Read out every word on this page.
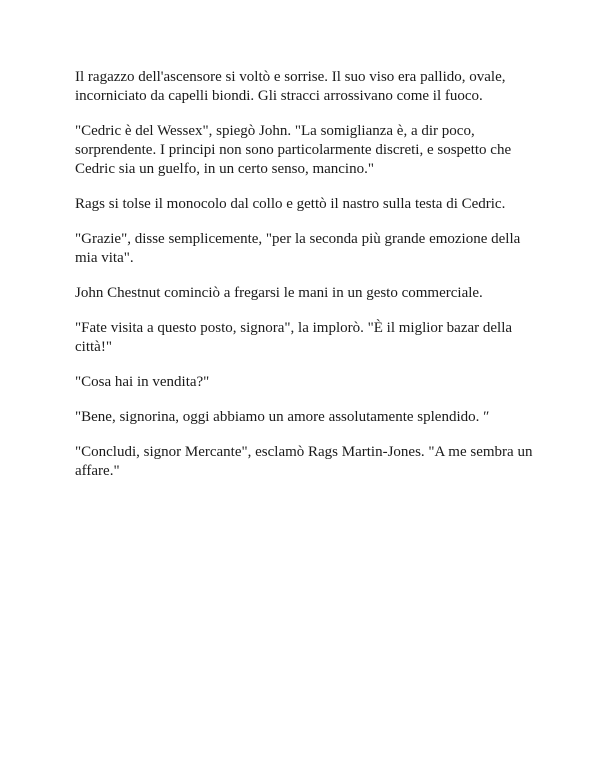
Il ragazzo dell'ascensore si voltò e sorrise. Il suo viso era pallido, ovale, incorniciato da capelli biondi. Gli stracci arrossivano come il fuoco.

"Cedric è del Wessex", spiegò John. "La somiglianza è, a dir poco, sorprendente. I principi non sono particolarmente discreti, e sospetto che Cedric sia un guelfo, in un certo senso, mancino."

Rags si tolse il monocolo dal collo e gettò il nastro sulla testa di Cedric.

"Grazie", disse semplicemente, "per la seconda più grande emozione della mia vita".

John Chestnut cominciò a fregarsi le mani in un gesto commerciale.

"Fate visita a questo posto, signora", la implorò. "È il miglior bazar della città!"

"Cosa hai in vendita?"

"Bene, signorina, oggi abbiamo un amore assolutamente splendido. ″

"Concludi, signor Mercante", esclamò Rags Martin-Jones. "A me sembra un affare."
